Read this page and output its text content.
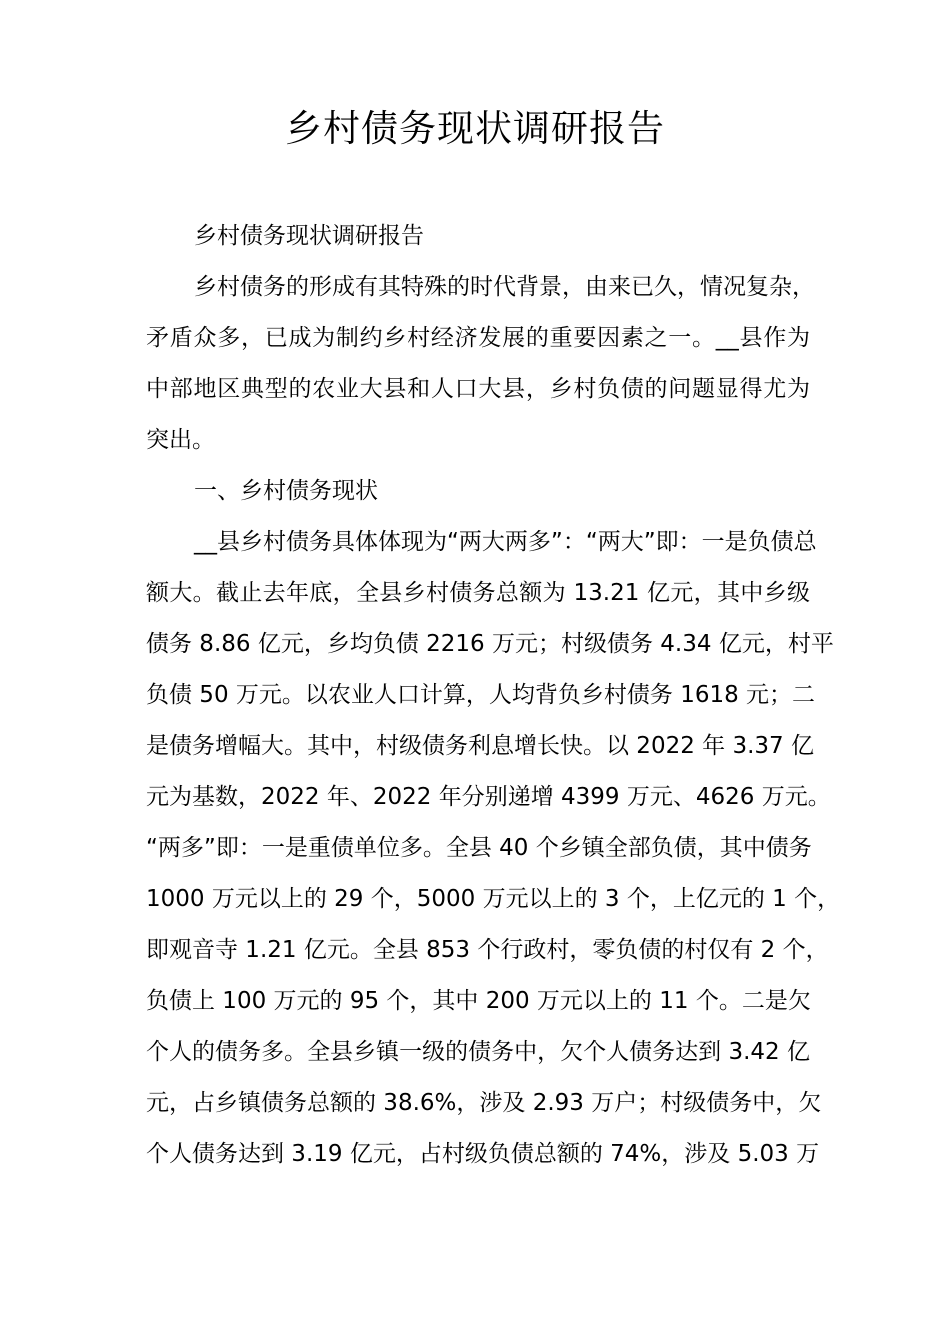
乡村债务现状调研报告
乡村债务现状调研报告
乡村债务的形成有其特殊的时代背景，由来已久，情况复杂，
矛盾众多，已成为制约乡村经济发展的重要因素之一。__县作为
中部地区典型的农业大县和人口大县，乡村负债的问题显得尤为
突出。
一、乡村债务现状
__县乡村债务具体体现为“两大两多”：“两大”即：一是负债总
额大。截止去年底，全县乡村债务总额为 13.21 亿元，其中乡级
债务 8.86 亿元，乡均负债 2216 万元；村级债务 4.34 亿元，村平
负债 50 万元。以农业人口计算，人均背负乡村债务 1618 元；二
是债务增幅大。其中，村级债务利息增长快。以 2022 年 3.37 亿
元为基数，2022 年、2022 年分别递增 4399 万元、4626 万元。
“两多”即：一是重债单位多。全县 40 个乡镇全部负债，其中债务
1000 万元以上的 29 个，5000 万元以上的 3 个，上亿元的 1 个，
即观音寺 1.21 亿元。全县 853 个行政村，零负债的村仅有 2 个，
负债上 100 万元的 95 个，其中 200 万元以上的 11 个。二是欠
个人的债务多。全县乡镇一级的债务中，欠个人债务达到 3.42 亿
元，占乡镇债务总额的 38.6%，涉及 2.93 万户；村级债务中，欠
个人债务达到 3.19 亿元，占村级负债总额的 74%，涉及 5.03 万
